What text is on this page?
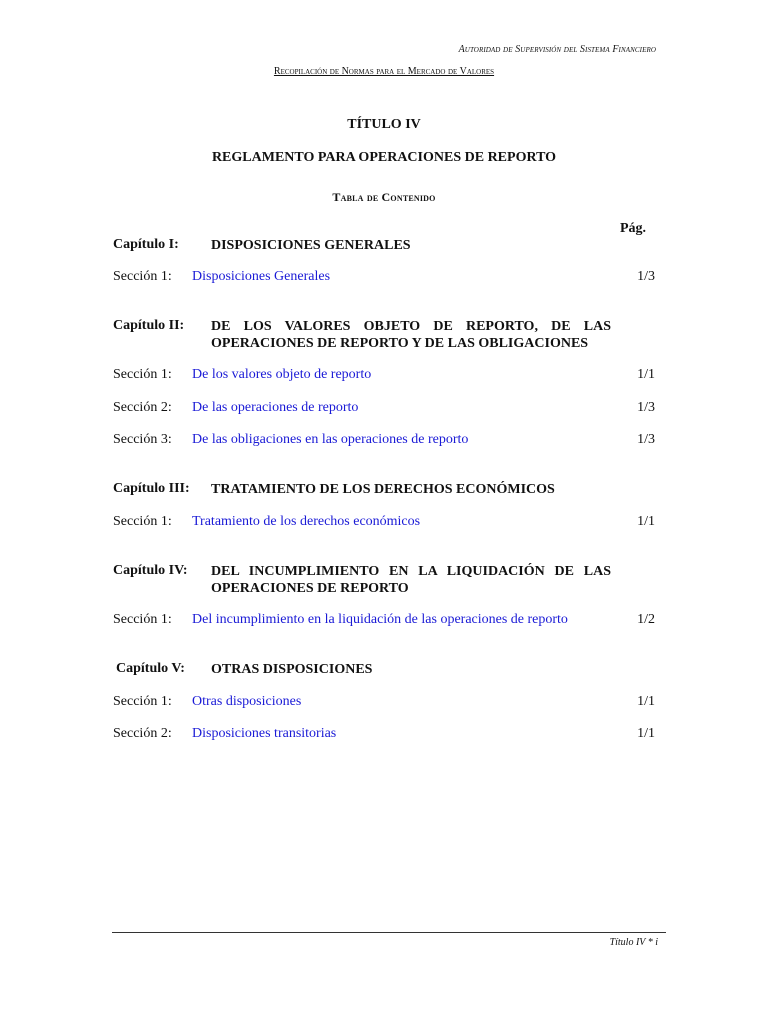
Autoridad de Supervisión del Sistema Financiero
Recopilación de Normas para el Mercado de Valores
TÍTULO IV
REGLAMENTO PARA OPERACIONES DE REPORTO
Tabla de Contenido
Pág.
Capítulo I: DISPOSICIONES GENERALES
Sección 1: Disposiciones Generales	1/3
Capítulo II: DE LOS VALORES OBJETO DE REPORTO, DE LAS OPERACIONES DE REPORTO Y DE LAS OBLIGACIONES
Sección 1: De los valores objeto de reporto	1/1
Sección 2: De las operaciones de reporto	1/3
Sección 3: De las obligaciones en las operaciones de reporto	1/3
Capítulo III: TRATAMIENTO DE LOS DERECHOS ECONÓMICOS
Sección 1: Tratamiento de los derechos económicos	1/1
Capítulo IV: DEL INCUMPLIMIENTO EN LA LIQUIDACIÓN DE LAS OPERACIONES DE REPORTO
Sección 1: Del incumplimiento en la liquidación de las operaciones de reporto	1/2
Capítulo V: OTRAS DISPOSICIONES
Sección 1: Otras disposiciones	1/1
Sección 2: Disposiciones transitorias	1/1
Título IV * i
